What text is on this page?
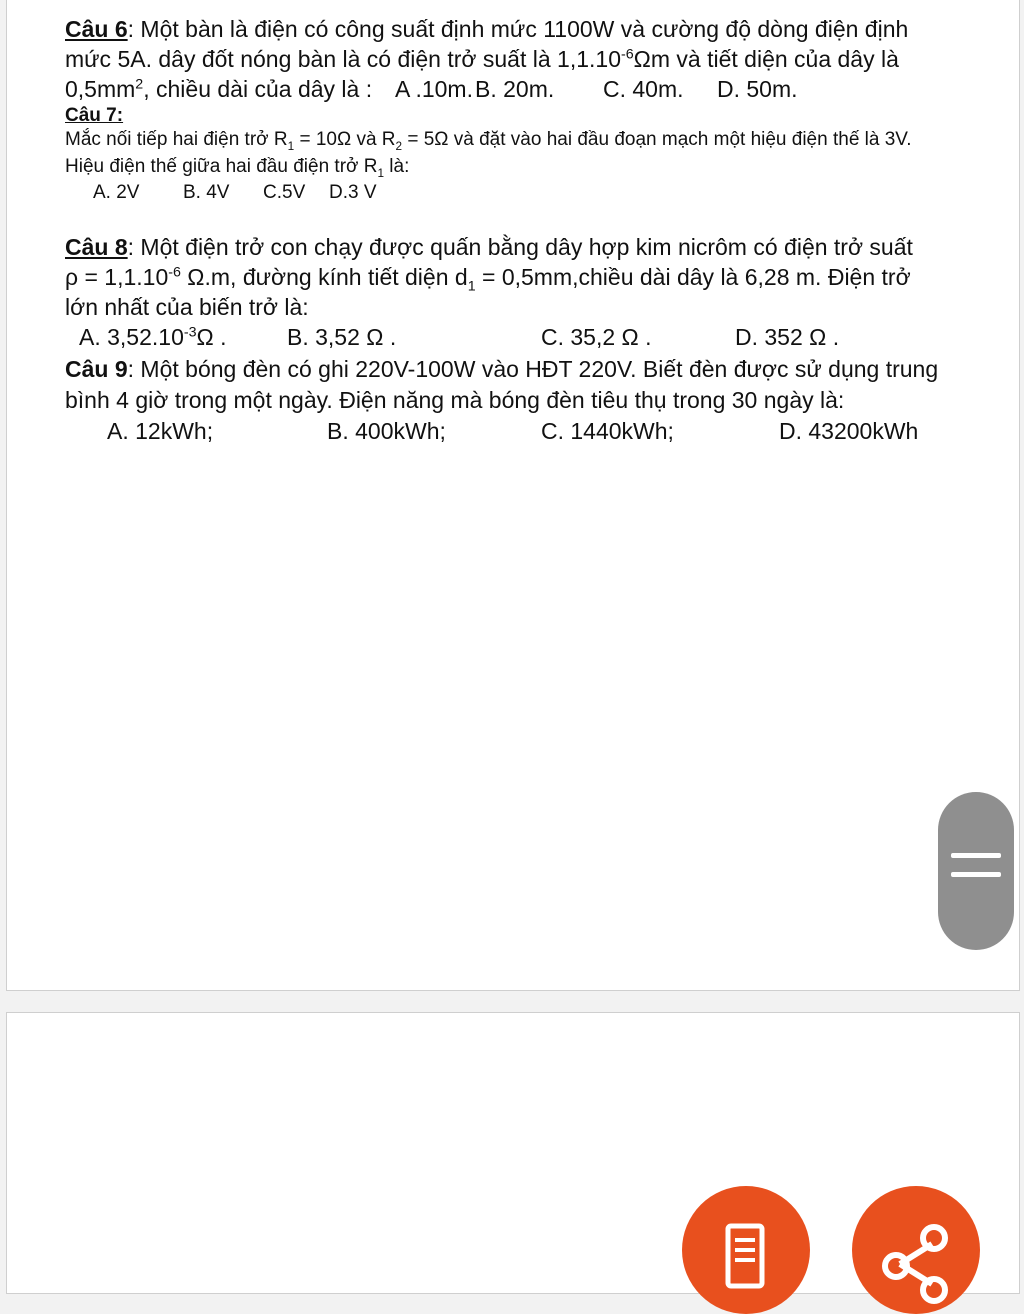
Câu 6: Một bàn là điện có công suất định mức 1100W và cường độ dòng điện định
mức 5A. dây đốt nóng bàn là có điện trở suất là $1,1.10^{-6}\Omega m$ và tiết diện của dây là
$0,5mm^2$, chiều dài của dây là : A .10m. B. 20m. C. 40m. D. 50m.
Câu 7:
Mắc nối tiếp hai điện trở $R_1 = 10\Omega$ và $R_2 = 5\Omega$ và đặt vào hai đầu đoạn mạch một hiệu điện thế là 3V.
Hiệu điện thế giữa hai đầu điện trở $R_1$ là:
A. 2V B. 4V C.5V D.3 V
Câu 8: Một điện trở con chạy được quấn bằng dây hợp kim nicrôm có điện trở suất
$\rho = 1,1.10^{-6}$ Ω.m, đường kính tiết diện $d_1$ = 0,5mm,chiều dài dây là 6,28 m. Điện trở
lớn nhất của biến trở là:
A. $3,52.10^{-3}\Omega$ .	B. 3,52 Ω .	C. 35,2 Ω .	D. 352 Ω .
Câu 9: Một bóng đèn có ghi 220V-100W vào HĐT 220V. Biết đèn được sử dụng trung
bình 4 giờ trong một ngày. Điện năng mà bóng đèn tiêu thụ trong 30 ngày là:
A. 12kWh;	B. 400kWh;	C. 1440kWh;	D. 43200kWh
